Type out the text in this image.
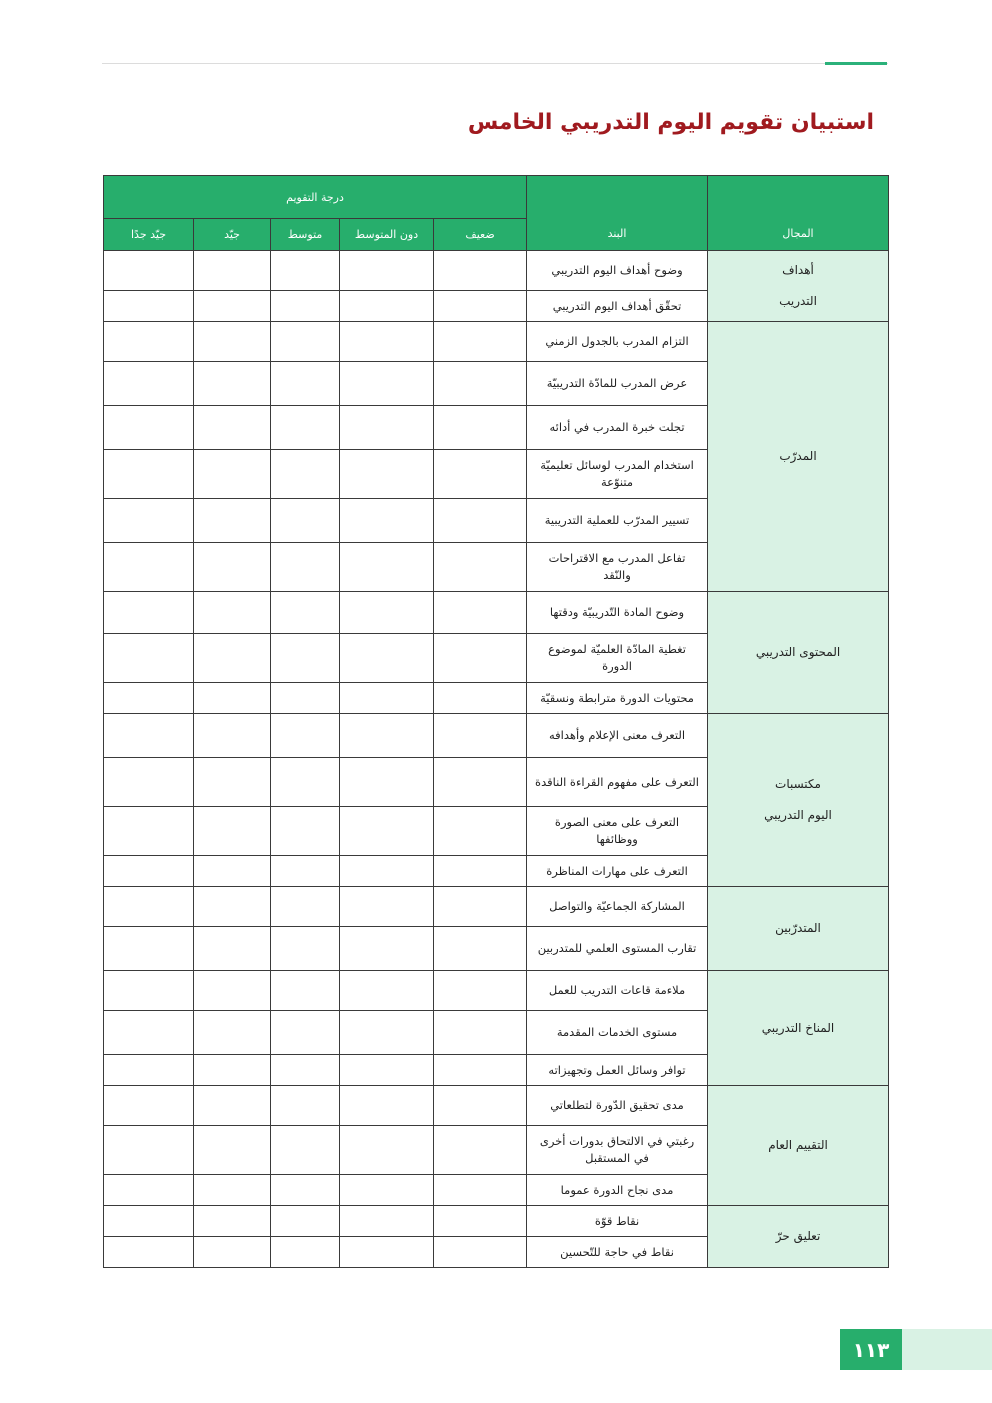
استبيان تقويم اليوم التدريبي الخامس
المجال	البند	درجة التقويم				
		ضعيف	دون المتوسط	متوسط	جيّد	جيّد جدًا

أهداف
التدريب	وضوح أهداف اليوم التدريبي					
	تحقّق أهداف اليوم التدريبي					

المدرّب	التزام المدرب بالجدول الزمني					
	عرض المدرب للمادّة التدريبيّة					
	تجلت خبرة المدرب في أدائه					
	استخدام المدرب لوسائل تعليميّة متنوّعة					
	تسيير المدرّب للعملية التدريبية					
	تفاعل المدرب مع الاقتراحات والنّقد					

المحتوى التدريبي	وضوح المادة التّدريبيّة ودقتها					
	تغطية المادّة العلميّة لموضوع الدورة					
	محتويات الدورة مترابطة ونسقيّة					

مكتسبات
اليوم التدريبي	التعرف معنى الإعلام وأهدافه					
	التعرف على مفهوم القراءة الناقدة					
	التعرف على معنى الصورة ووظائفها					
	التعرف على مهارات المناظرة					

المتدرّبين	المشاركة الجماعيّة والتواصل					
	تقارب المستوى العلمي للمتدربين					

المناخ التدريبي	ملاءمة قاعات التدريب للعمل					
	مستوى الخدمات المقدمة					
	توافر وسائل العمل وتجهيزاته					

التقييم العام	مدى تحقيق الدّورة لتطلعاتي					
	رغبتي في الالتحاق بدورات أخرى في المستقبل					
	مدى نجاح الدورة عموما					

تعليق حرّ	نقاط قوّة					
	نقاط في حاجة للتّحسين					
١١٣
